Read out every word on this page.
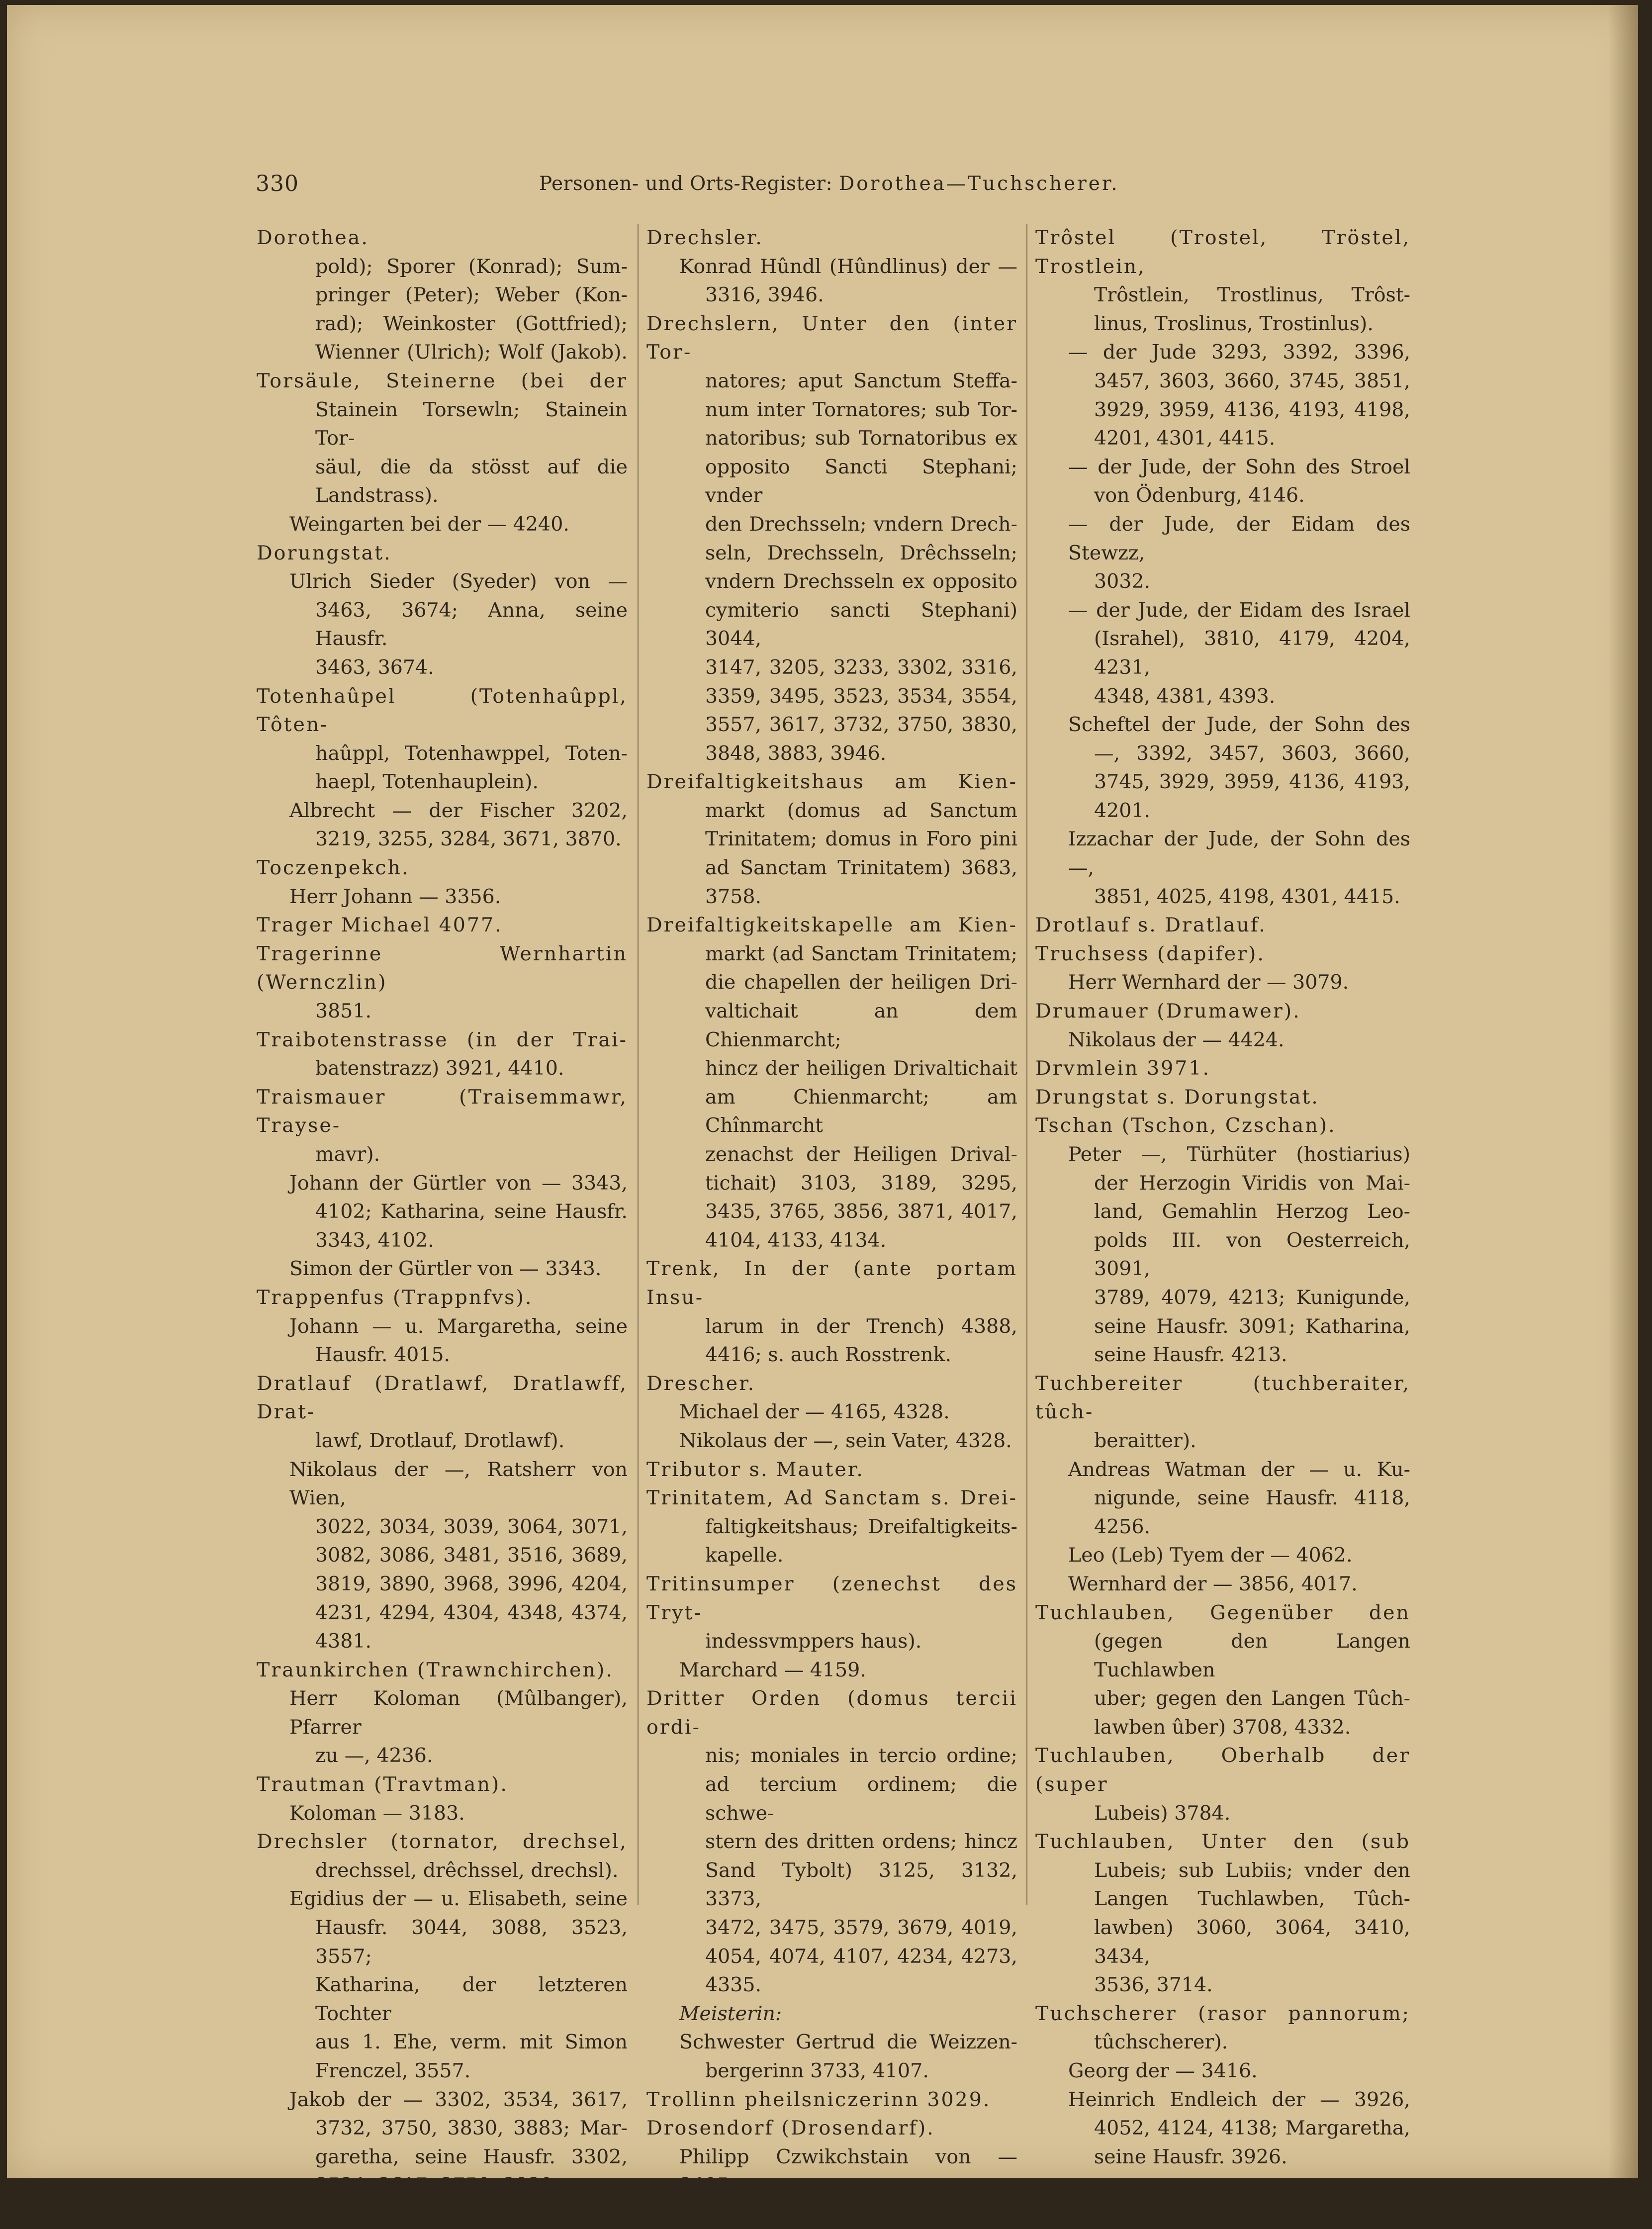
330	Personen- und Orts-Register: Dorothea—Tuchscherer.
Dorothea.
pold); Sporer (Konrad); Sum-
pringer (Peter); Weber (Kon-
rad); Weinkoster (Gottfried);
Wienner (Ulrich); Wolf (Jakob).
Torsäule, Steinerne (bei der
Stainein Torsewln; Stainein Tor-
säul, die da stösst auf die
Landstrass).
Weingarten bei der — 4240.
Dorungstat.
Ulrich Sieder (Syeder) von —
3463, 3674; Anna, seine Hausfr.
3463, 3674.
Totenhaûpel (Totenhaûppl, Tôten-
haûppl, Totenhawppel, Toten-
haepl, Totenhauplein).
Albrecht — der Fischer 3202,
3219, 3255, 3284, 3671, 3870.
Toczenpekch.
Herr Johann — 3356.
Trager Michael 4077.
Tragerinne Wernhartin (Wernczlin)
3851.
Traibotenstrasse (in der Trai-
batenstrazz) 3921, 4410.
Traismauer (Traisemmawr, Trayse-
mavr).
Johann der Gürtler von — 3343,
4102; Katharina, seine Hausfr.
3343, 4102.
Simon der Gürtler von — 3343.
Trappenfus (Trappnfvs).
Johann — u. Margaretha, seine
Hausfr. 4015.
Dratlauf (Dratlawf, Dratlawff, Drat-
lawf, Drotlauf, Drotlawf).
Nikolaus der —, Ratsherr von Wien,
3022, 3034, 3039, 3064, 3071,
3082, 3086, 3481, 3516, 3689,
3819, 3890, 3968, 3996, 4204,
4231, 4294, 4304, 4348, 4374,
4381.
Traunkirchen (Trawnchirchen).
Herr Koloman (Mûlbanger), Pfarrer
zu —, 4236.
Trautman (Travtman).
Koloman — 3183.
Drechsler (tornator, drechsel,
drechssel, drêchssel, drechsl).
Egidius der — u. Elisabeth, seine
Hausfr. 3044, 3088, 3523, 3557;
Katharina, der letzteren Tochter
aus 1. Ehe, verm. mit Simon
Frenczel, 3557.
Jakob der — 3302, 3534, 3617,
3732, 3750, 3830, 3883; Mar-
garetha, seine Hausfr. 3302,
3534, 3617, 3750, 3830.
Drechsler.
Konrad Hûndl (Hûndlinus) der —
3316, 3946.
Drechslern, Unter den (inter Tor-
natores; aput Sanctum Steffa-
num inter Tornatores; sub Tor-
natoribus; sub Tornatoribus ex
opposito Sancti Stephani; vnder
den Drechsseln; vndern Drech-
seln, Drechsseln, Drêchsseln;
vndern Drechsseln ex opposito
cymiterio sancti Stephani) 3044,
3147, 3205, 3233, 3302, 3316,
3359, 3495, 3523, 3534, 3554,
3557, 3617, 3732, 3750, 3830,
3848, 3883, 3946.
Dreifaltigkeitshaus am Kien-
markt (domus ad Sanctum
Trinitatem; domus in Foro pini
ad Sanctam Trinitatem) 3683,
3758.
Dreifaltigkeitskapelle am Kien-
markt (ad Sanctam Trinitatem;
die chapellen der heiligen Dri-
valtichait an dem Chienmarcht;
hincz der heiligen Drivaltichait
am Chienmarcht; am Chînmarcht
zenachst der Heiligen Drival-
tichait) 3103, 3189, 3295,
3435, 3765, 3856, 3871, 4017,
4104, 4133, 4134.
Trenk, In der (ante portam Insu-
larum in der Trench) 4388,
4416; s. auch Rosstrenk.
Drescher.
Michael der — 4165, 4328.
Nikolaus der —, sein Vater, 4328.
Tributor s. Mauter.
Trinitatem, Ad Sanctam s. Drei-
faltigkeitshaus; Dreifaltigkeits-
kapelle.
Tritinsumper (zenechst des Tryt-
indessvmppers haus).
Marchard — 4159.
Dritter Orden (domus tercii ordi-
nis; moniales in tercio ordine;
ad tercium ordinem; die schwe-
stern des dritten ordens; hincz
Sand Tybolt) 3125, 3132, 3373,
3472, 3475, 3579, 3679, 4019,
4054, 4074, 4107, 4234, 4273,
4335.
Meisterin:
Schwester Gertrud die Weizzen-
bergerinn 3733, 4107.
Trollinn pheilsniczerinn 3029.
Drosendorf (Drosendarf).
Philipp Czwikchstain von — 3405;
Kunigunde, seine Hausfr. 3405.
Trôstel (Trostel, Tröstel, Trostlein,
Trôstlein, Trostlinus, Trôst-
linus, Troslinus, Trostinlus).
— der Jude 3293, 3392, 3396,
3457, 3603, 3660, 3745, 3851,
3929, 3959, 4136, 4193, 4198,
4201, 4301, 4415.
— der Jude, der Sohn des Stroel
von Ödenburg, 4146.
— der Jude, der Eidam des Stewzz,
3032.
— der Jude, der Eidam des Israel
(Israhel), 3810, 4179, 4204, 4231,
4348, 4381, 4393.
Scheftel der Jude, der Sohn des
—, 3392, 3457, 3603, 3660,
3745, 3929, 3959, 4136, 4193,
4201.
Izzachar der Jude, der Sohn des —,
3851, 4025, 4198, 4301, 4415.
Drotlauf s. Dratlauf.
Truchsess (dapifer).
Herr Wernhard der — 3079.
Drumauer (Drumawer).
Nikolaus der — 4424.
Drvmlein 3971.
Drungstat s. Dorungstat.
Tschan (Tschon, Czschan).
Peter —, Türhüter (hostiarius)
der Herzogin Viridis von Mai-
land, Gemahlin Herzog Leo-
polds III. von Oesterreich, 3091,
3789, 4079, 4213; Kunigunde,
seine Hausfr. 3091; Katharina,
seine Hausfr. 4213.
Tuchbereiter (tuchberaiter, tûch-
beraitter).
Andreas Watman der — u. Ku-
nigunde, seine Hausfr. 4118,
4256.
Leo (Leb) Tyem der — 4062.
Wernhard der — 3856, 4017.
Tuchlauben, Gegenüber den
(gegen den Langen Tuchlawben
uber; gegen den Langen Tûch-
lawben ûber) 3708, 4332.
Tuchlauben, Oberhalb der (super
Lubeis) 3784.
Tuchlauben, Unter den (sub
Lubeis; sub Lubiis; vnder den
Langen Tuchlawben, Tûch-
lawben) 3060, 3064, 3410, 3434,
3536, 3714.
Tuchscherer (rasor pannorum;
tûchscherer).
Georg der — 3416.
Heinrich Endleich der — 3926,
4052, 4124, 4138; Margaretha,
seine Hausfr. 3926.
